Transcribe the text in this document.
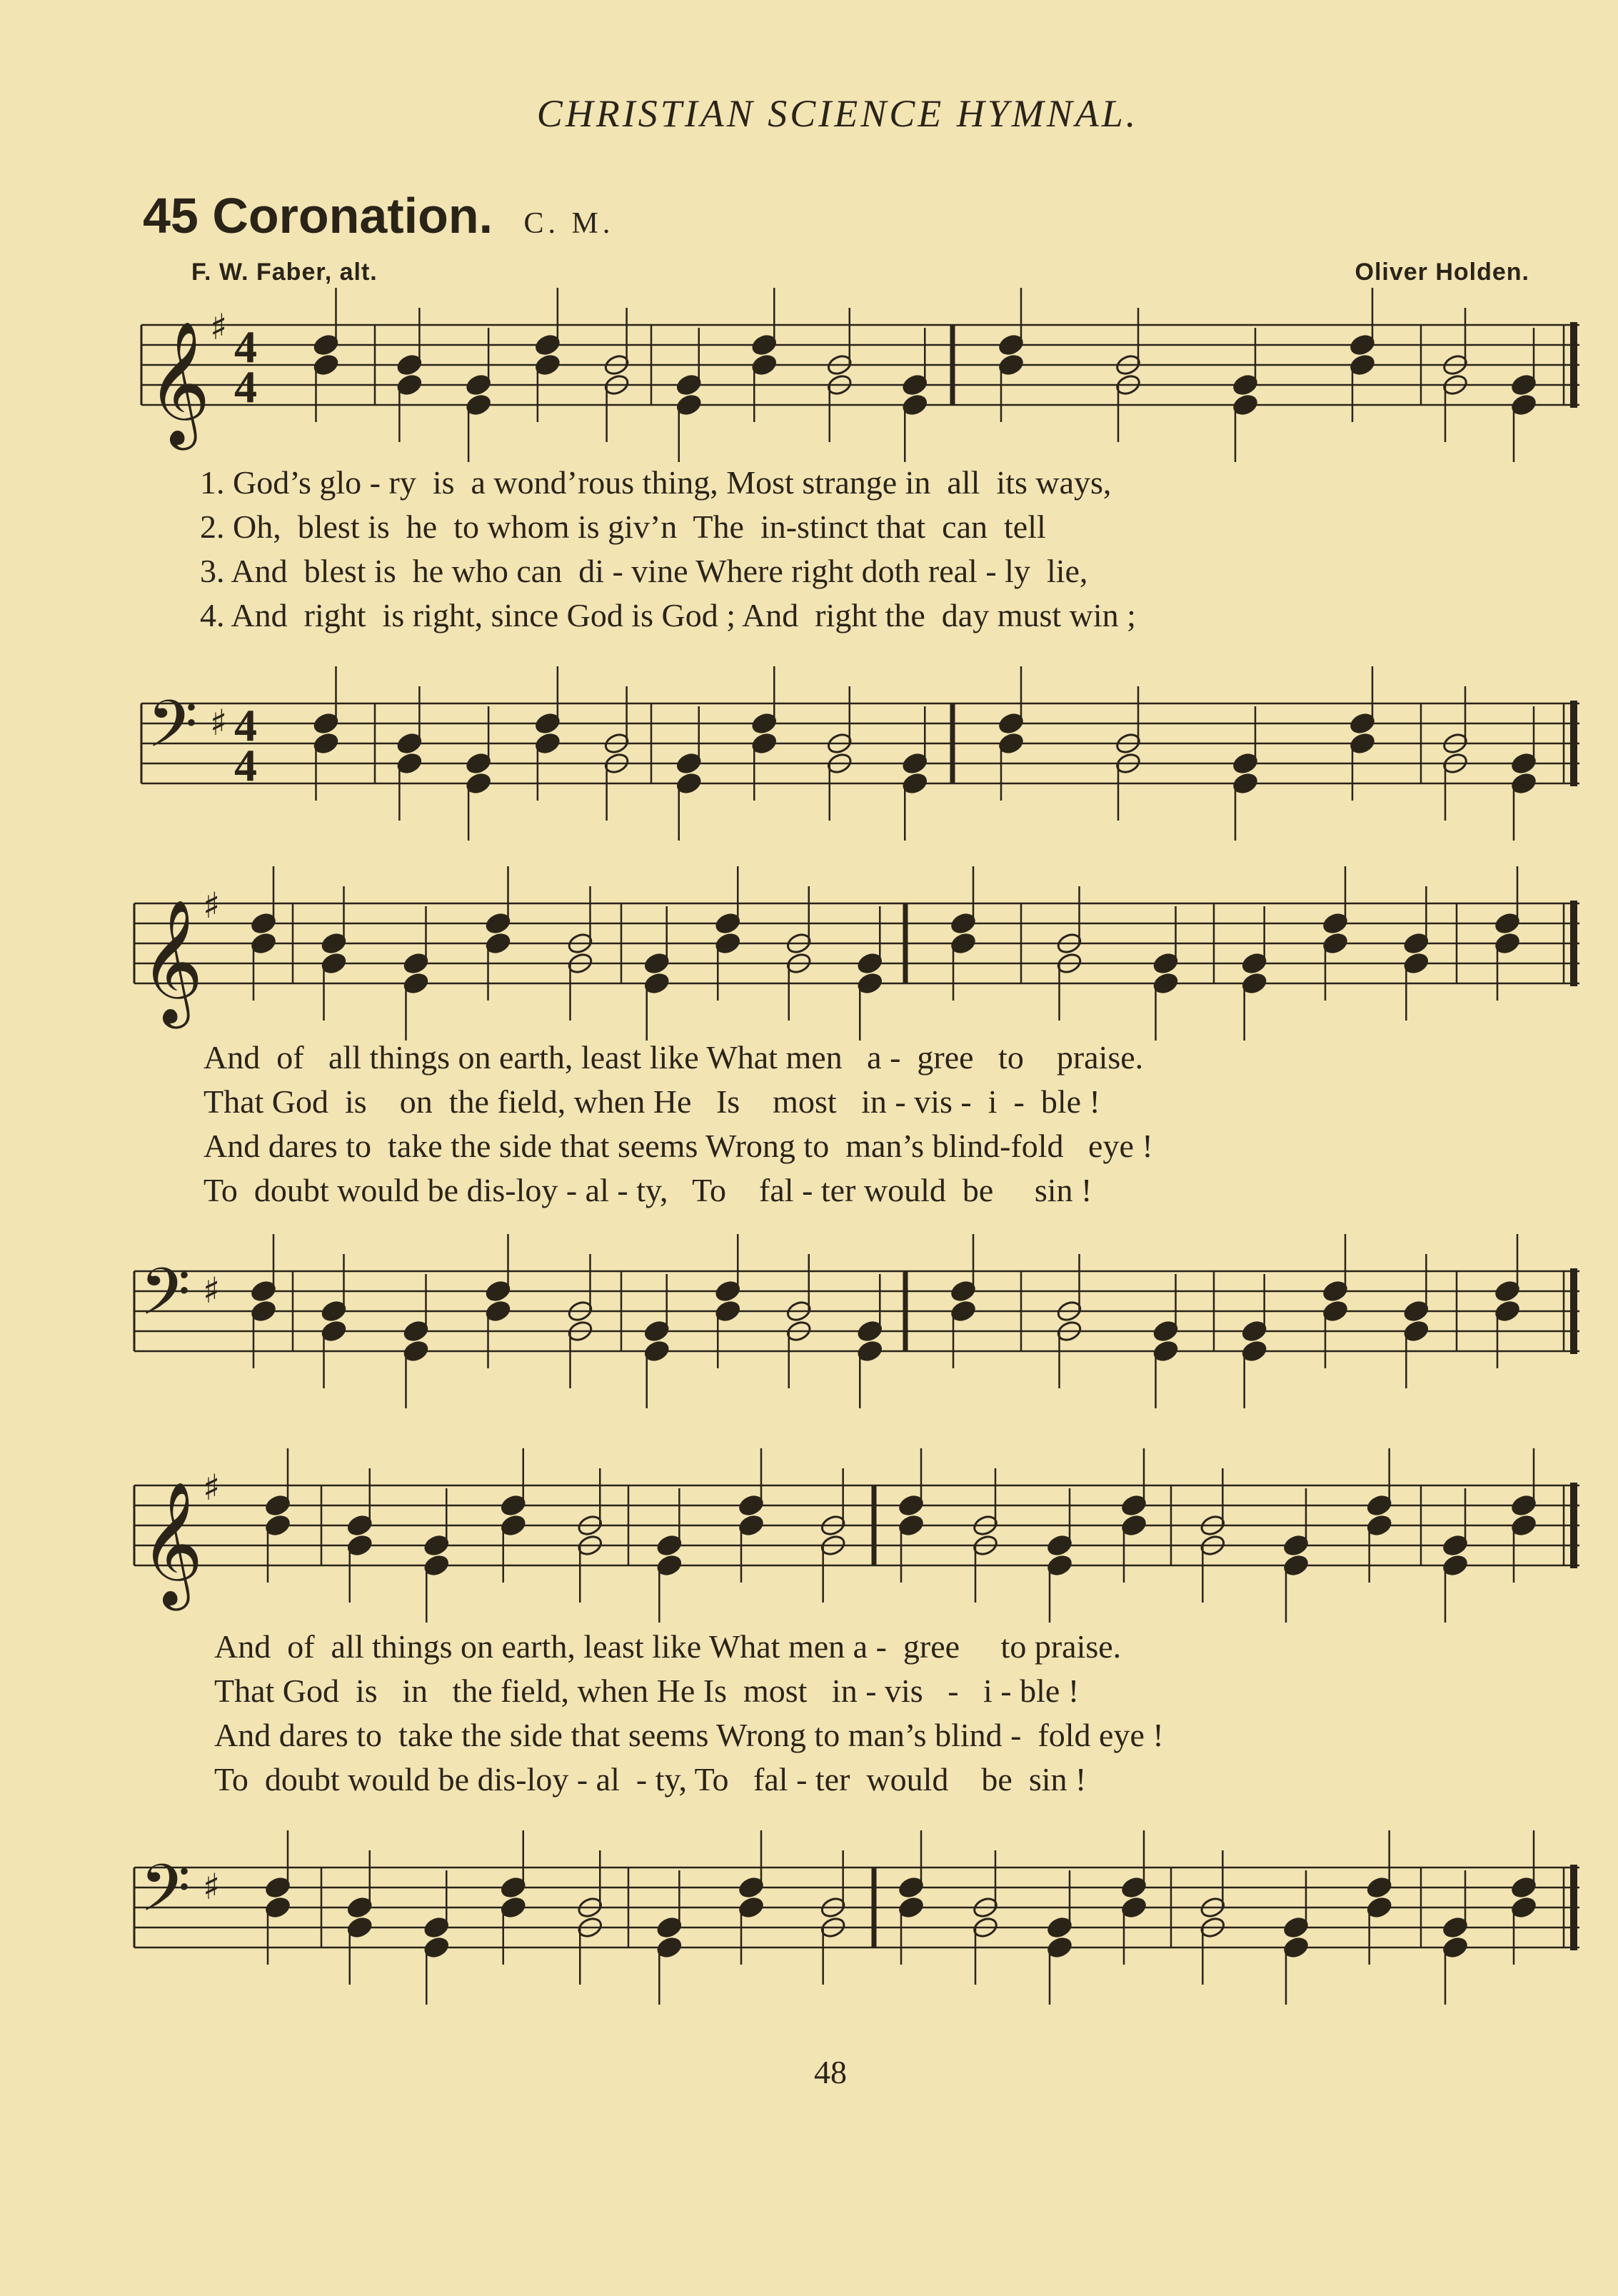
CHRISTIAN SCIENCE HYMNAL.
45 Coronation. C. M.
F. W. Faber, alt.	Oliver Holden.
𝄞 ♯ 4
4
𝄢 ♯ 4
4
1. God’s glo - ry  is  a wond’rous thing, Most strange in  all  its ways,
2. Oh,  blest is  he  to whom is giv’n  The  in-stinct that  can  tell
3. And  blest is  he who can  di - vine Where right doth real - ly  lie,
4. And  right  is right, since God is God ; And  right the  day must win ;
𝄞 ♯
𝄢 ♯
And  of   all things on earth, least like What men   a -  gree   to    praise.
That God  is    on  the field, when He   Is    most   in - vis -  i  -  ble !
And dares to  take the side that seems Wrong to  man’s blind-fold   eye !
To  doubt would be dis-loy - al - ty,   To    fal - ter would  be     sin !
𝄞 ♯
𝄢 ♯
And  of  all things on earth, least like What men a -  gree     to praise.
That God  is   in   the field, when He Is  most   in - vis   -   i - ble !
And dares to  take the side that seems Wrong to man’s blind -  fold eye !
To  doubt would be dis-loy - al  - ty, To   fal - ter  would    be  sin !
48
